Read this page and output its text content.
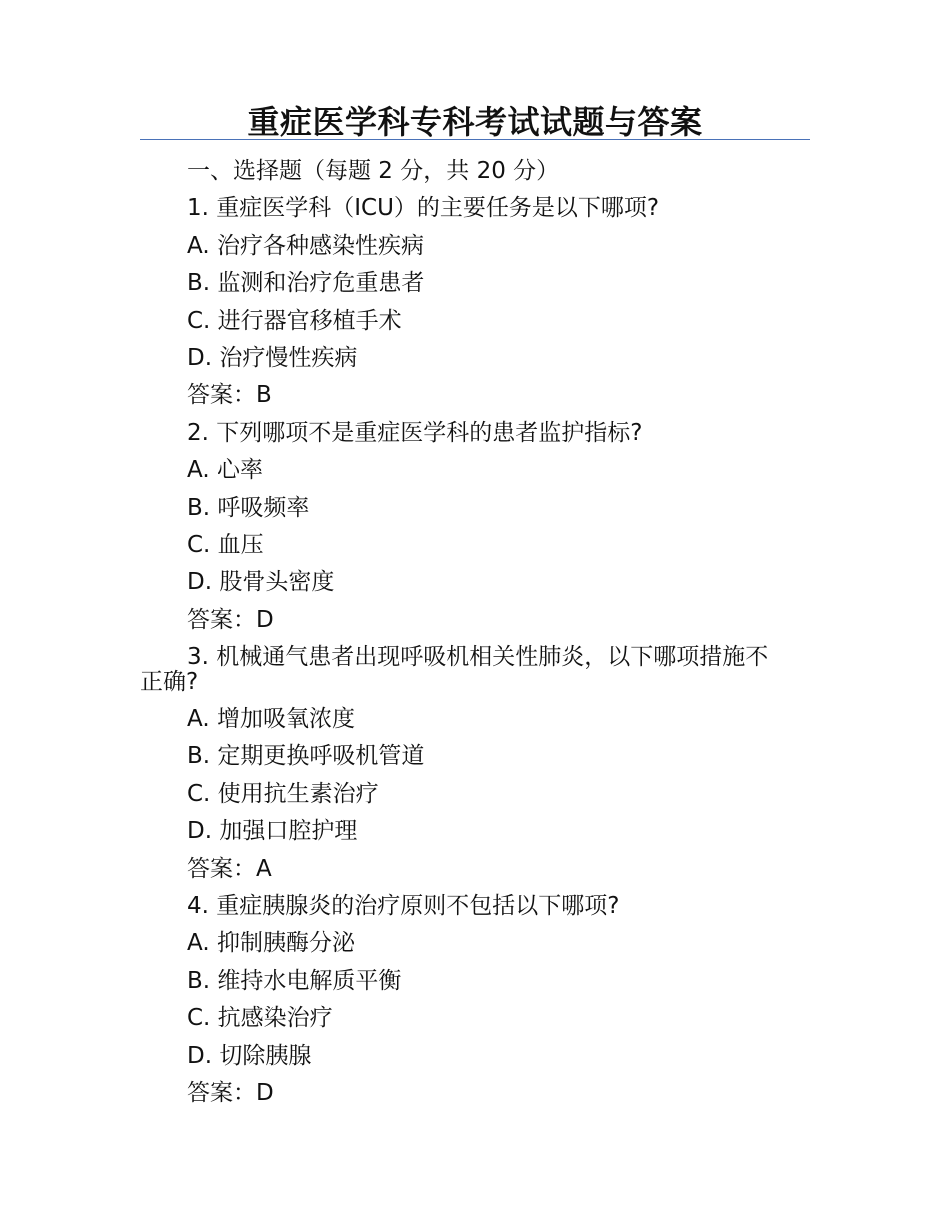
重症医学科专科考试试题与答案
一、选择题（每题 2 分，共 20 分）
1. 重症医学科（ICU）的主要任务是以下哪项?
A. 治疗各种感染性疾病
B. 监测和治疗危重患者
C. 进行器官移植手术
D. 治疗慢性疾病
答案：B
2. 下列哪项不是重症医学科的患者监护指标?
A. 心率
B. 呼吸频率
C. 血压
D. 股骨头密度
答案：D
3. 机械通气患者出现呼吸机相关性肺炎，以下哪项措施不
正确?
A. 增加吸氧浓度
B. 定期更换呼吸机管道
C. 使用抗生素治疗
D. 加强口腔护理
答案：A
4. 重症胰腺炎的治疗原则不包括以下哪项?
A. 抑制胰酶分泌
B. 维持水电解质平衡
C. 抗感染治疗
D. 切除胰腺
答案：D
